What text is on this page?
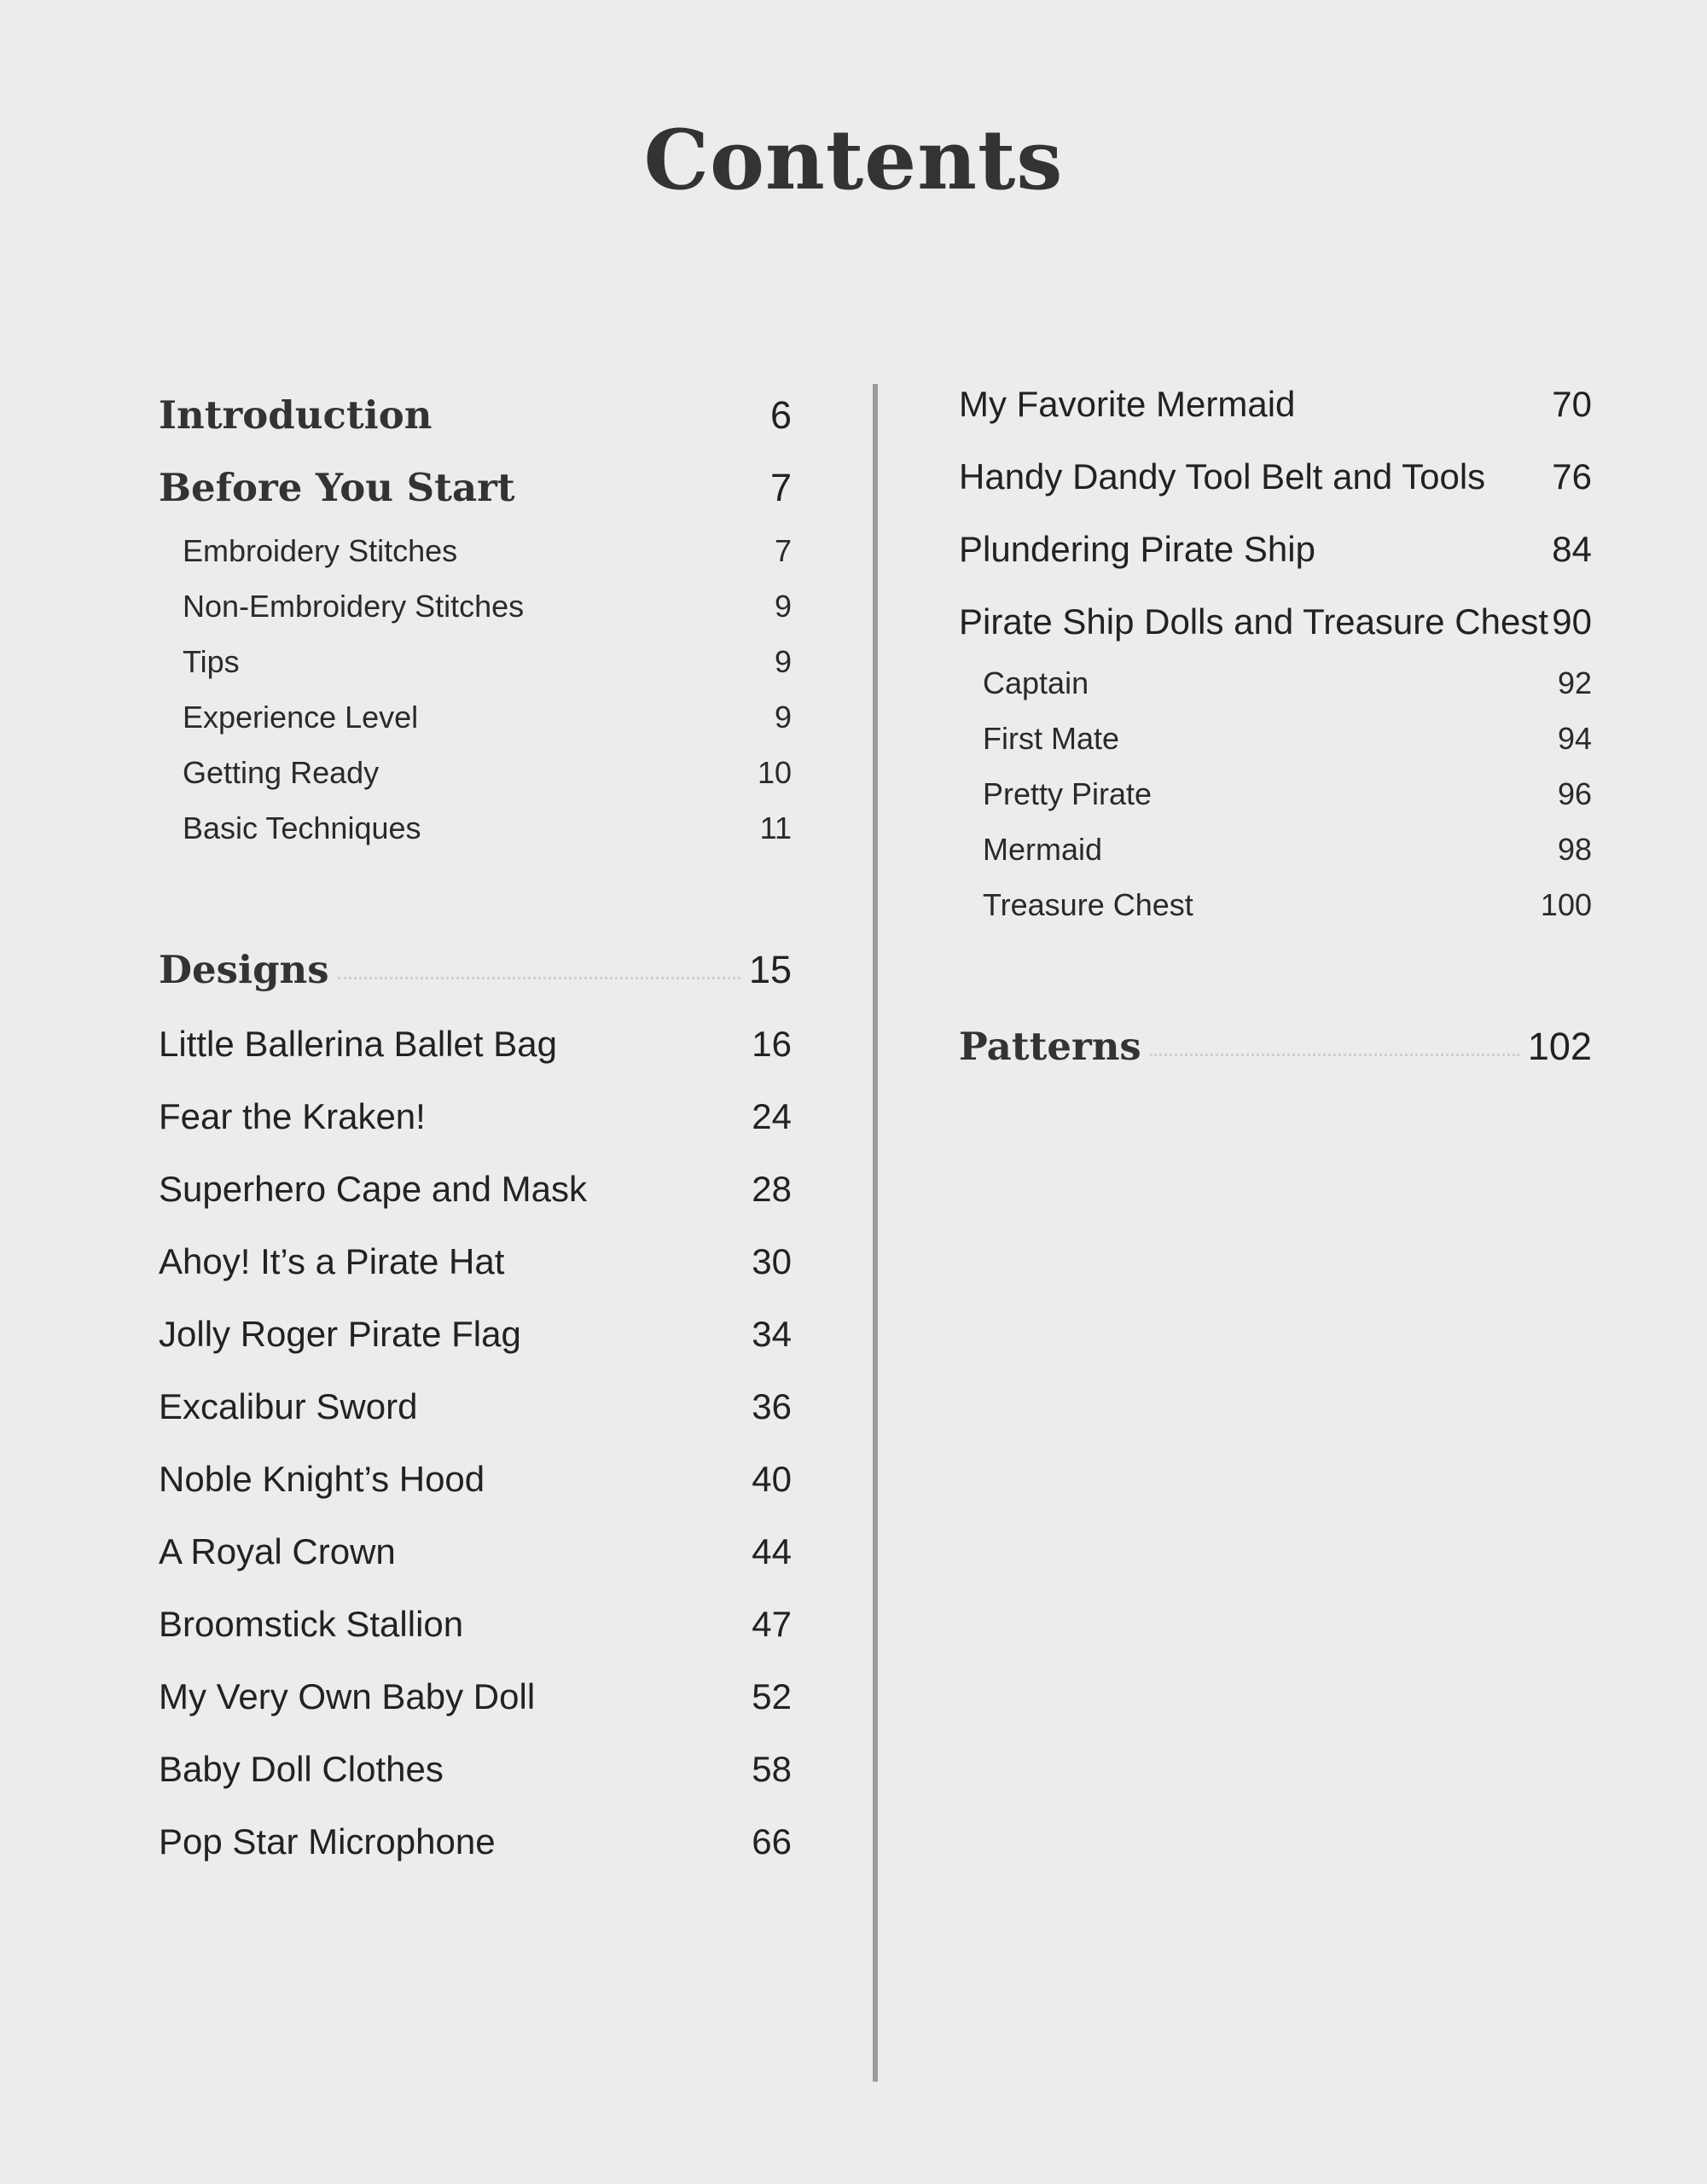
Contents
Introduction	6
Before You Start	7
Embroidery Stitches	7
Non-Embroidery Stitches	9
Tips	9
Experience Level	9
Getting Ready	10
Basic Techniques	11
Designs	15
Little Ballerina Ballet Bag	16
Fear the Kraken!	24
Superhero Cape and Mask	28
Ahoy! It’s a Pirate Hat	30
Jolly Roger Pirate Flag	34
Excalibur Sword	36
Noble Knight’s Hood	40
A Royal Crown	44
Broomstick Stallion	47
My Very Own Baby Doll	52
Baby Doll Clothes	58
Pop Star Microphone	66
My Favorite Mermaid	70
Handy Dandy Tool Belt and Tools 76
Plundering Pirate Ship	84
Pirate Ship Dolls and Treasure Chest 90
Captain	92
First Mate	94
Pretty Pirate	96
Mermaid	98
Treasure Chest	100
Patterns	102
